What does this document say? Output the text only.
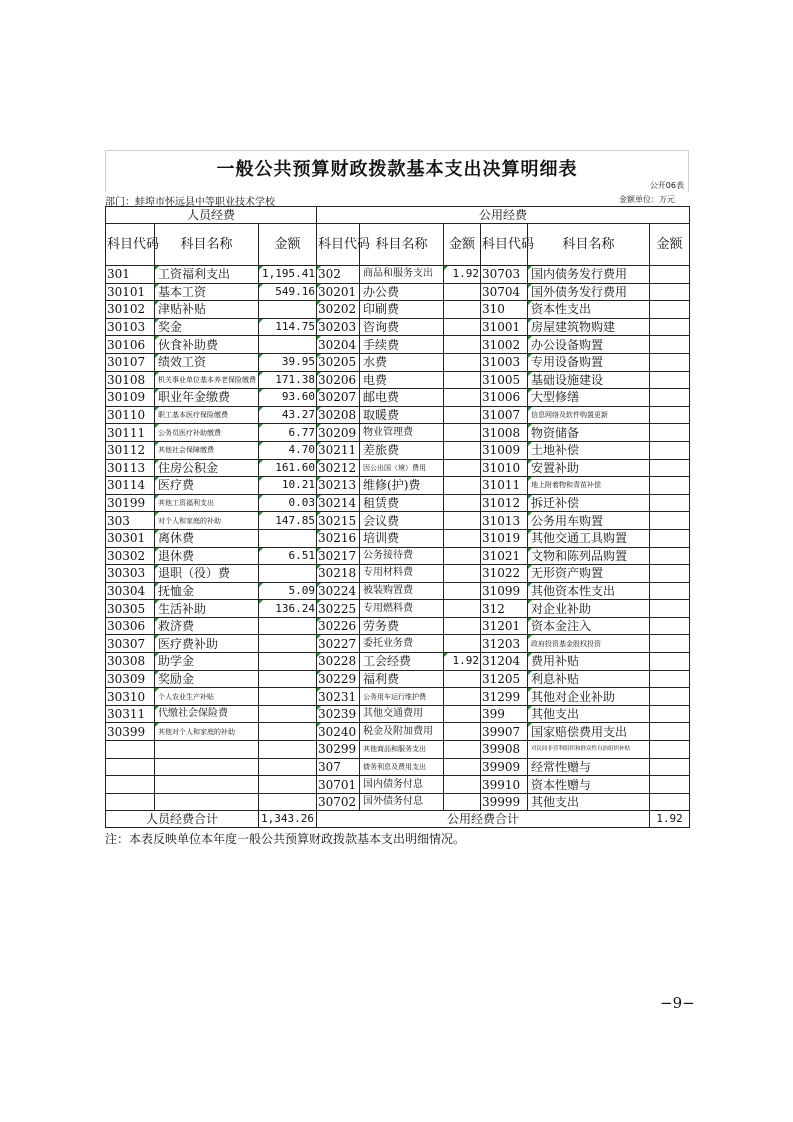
一般公共预算财政拨款基本支出决算明细表
公开06表
部门：蚌埠市怀远县中等职业技术学校	金额单位：万元
人员经费			公用经费					
科目代码	科目名称	金额	科目代码	科目名称	金额	科目代码	科目名称	金额
301	工资福利支出	1,195.41	302	商品和服务支出	1.92	30703	国内债务发行费用	
30101	基本工资	549.16	30201	办公费		30704	国外债务发行费用	
30102	津贴补贴		30202	印刷费		310	资本性支出	
30103	奖金	114.75	30203	咨询费		31001	房屋建筑物购建	
30106	伙食补助费		30204	手续费		31002	办公设备购置	
30107	绩效工资	39.95	30205	水费		31003	专用设备购置	
30108	机关事业单位基本养老保险缴费	171.38	30206	电费		31005	基础设施建设	
30109	职业年金缴费	93.60	30207	邮电费		31006	大型修缮	
30110	职工基本医疗保险缴费	43.27	30208	取暖费		31007	信息网络及软件购置更新	
30111	公务员医疗补助缴费	6.77	30209	物业管理费		31008	物资储备	
30112	其他社会保障缴费	4.70	30211	差旅费		31009	土地补偿	
30113	住房公积金	161.60	30212	因公出国（境）费用		31010	安置补助	
30114	医疗费	10.21	30213	维修(护)费		31011	地上附着物和青苗补偿	
30199	其他工资福利支出	0.03	30214	租赁费		31012	拆迁补偿	
303	对个人和家庭的补助	147.85	30215	会议费		31013	公务用车购置	
30301	离休费		30216	培训费		31019	其他交通工具购置	
30302	退休费	6.51	30217	公务接待费		31021	文物和陈列品购置	
30303	退职（役）费		30218	专用材料费		31022	无形资产购置	
30304	抚恤金	5.09	30224	被装购置费		31099	其他资本性支出	
30305	生活补助	136.24	30225	专用燃料费		312	对企业补助	
30306	救济费		30226	劳务费		31201	资本金注入	
30307	医疗费补助		30227	委托业务费		31203	政府投资基金股权投资	
30308	助学金		30228	工会经费	1.92	31204	费用补贴	
30309	奖励金		30229	福利费		31205	利息补贴	
30310	个人农业生产补贴		30231	公务用车运行维护费		31299	其他对企业补助	
30311	代缴社会保险费		30239	其他交通费用		399	其他支出	
30399	其他对个人和家庭的补助		30240	税金及附加费用		39907	国家赔偿费用支出	
			30299	其他商品和服务支出		39908	对民间非营利组织和群众性自治组织补贴	
			307	债务利息及费用支出		39909	经常性赠与	
			30701	国内债务付息		39910	资本性赠与	
			30702	国外债务付息		39999	其他支出	
人员经费合计		1,343.26	公用经费合计					1.92
注：本表反映单位本年度一般公共预算财政拨款基本支出明细情况。
−9−
